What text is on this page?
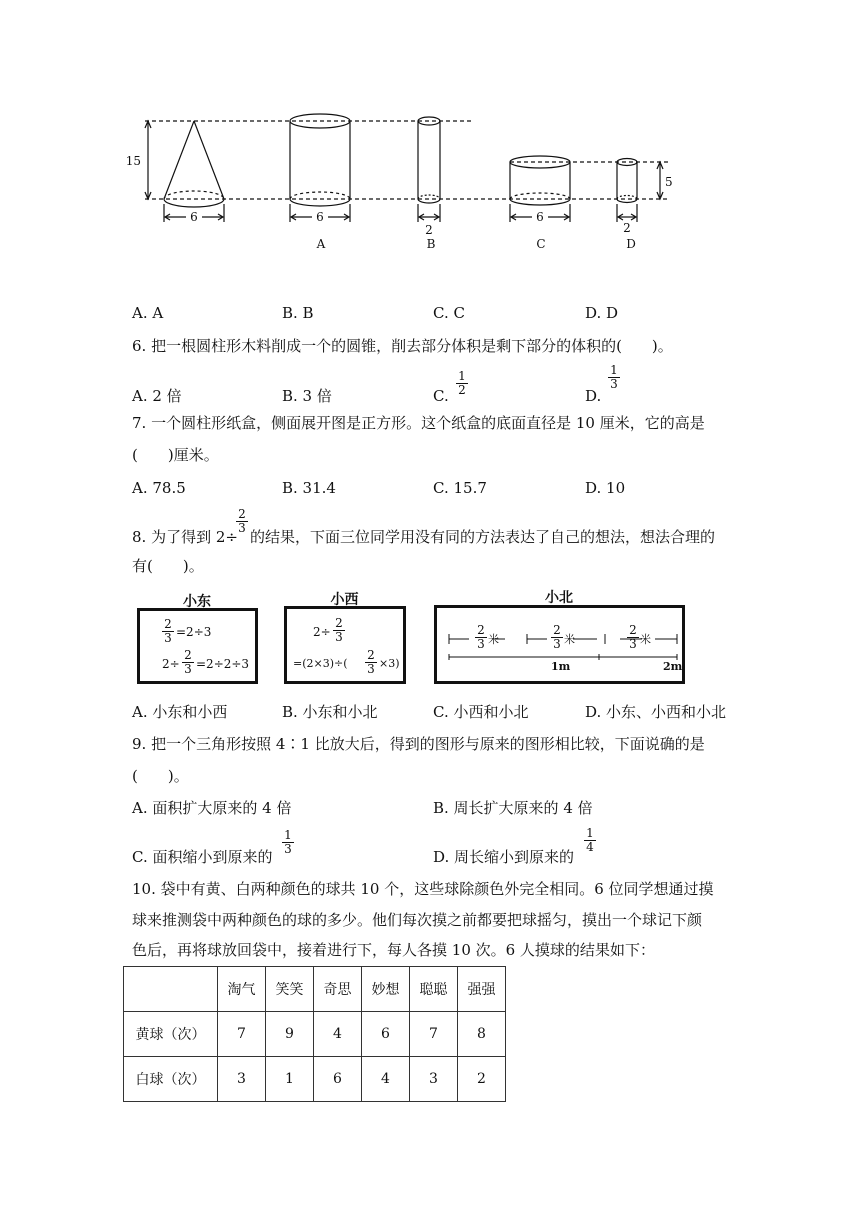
15
6	6
2
6
2
5
A	B	C	D
A. A	B. B	C. C	D. D
6. 把一根圆柱形木料削成一个的圆锥，削去部分体积是剩下部分的体积的(　　)。
A. 2 倍	B. 3 倍	C. $\frac{1}{2}$	D.
$\frac{1}{3}$
7. 一个圆柱形纸盒，侧面展开图是正方形。这个纸盒的底面直径是 10 厘米，它的高是
(　　)厘米。
A. 78.5	B. 31.4	C. 15.7	D. 10
8. 为了得到 2÷
$\frac{2}{3}$
的结果，下面三位同学用没有同的方法表达了自己的想法，想法合理的
有(　　)。
小东
$\frac{2}{3} =2\div 3$
$2\div \frac{2}{3} =2\div 2\div 3$
小西
$2\div \frac{2}{3}$
$=(2\times 3)\div( \frac{2}{3} \times 3)$
小北
$\frac{2}{3}$ 米	$\frac{2}{3}$ 米	$\frac{2}{3}$ 米
1m	2m
A. 小东和小西	B. 小东和小北	C. 小西和小北	D. 小东、小西和小北
9. 把一个三角形按照 4∶1 比放大后，得到的图形与原来的图形相比较，下面说确的是
(　　)。
A. 面积扩大原来的 4 倍	B. 周长扩大原来的 4 倍
C. 面积缩小到原来的
$\frac{1}{3}$
D. 周长缩小到原来的
$\frac{1}{4}$
10. 袋中有黄、白两种颜色的球共 10 个，这些球除颜色外完全相同。6 位同学想通过摸
球来推测袋中两种颜色的球的多少。他们每次摸之前都要把球摇匀，摸出一个球记下颜
色后，再将球放回袋中，接着进行下，每人各摸 10 次。6 人摸球的结果如下：
	淘气	笑笑	奇思	妙想	聪聪	强强
黄球（次）	7	9	4	6	7	8
白球（次）	3	1	6	4	3	2
